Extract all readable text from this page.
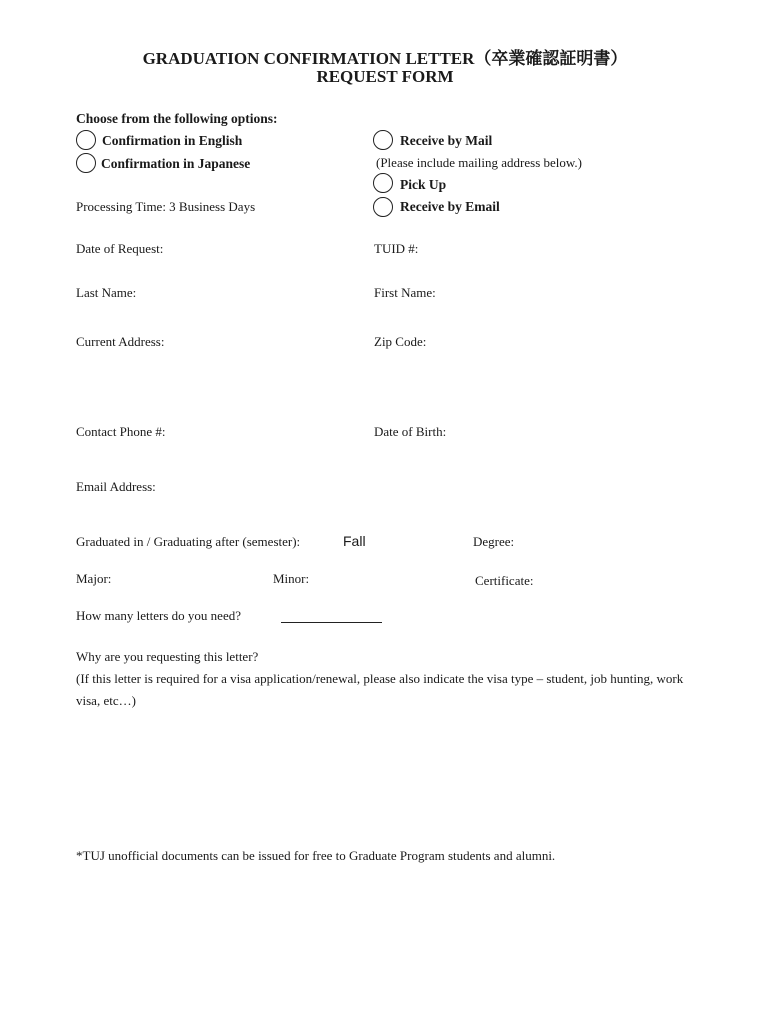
GRADUATION CONFIRMATION LETTER（卒業確認証明書）
REQUEST FORM
Choose from the following options:
Confirmation in English
Confirmation in Japanese
Processing Time: 3 Business Days
Receive by Mail
(Please include mailing address below.)
Pick Up
Receive by Email
Date of Request:	TUID #:
Last Name:	First Name:
Current Address:	Zip Code:
Contact Phone #:	Date of Birth:
Email Address:
Graduated in / Graduating after (semester):	Fall	Degree:
Major:	Minor:	Certificate:
How many letters do you need?
Why are you requesting this letter?
(If this letter is required for a visa application/renewal, please also indicate the visa type – student, job hunting, work visa, etc…)
*TUJ unofficial documents can be issued for free to Graduate Program students and alumni.
